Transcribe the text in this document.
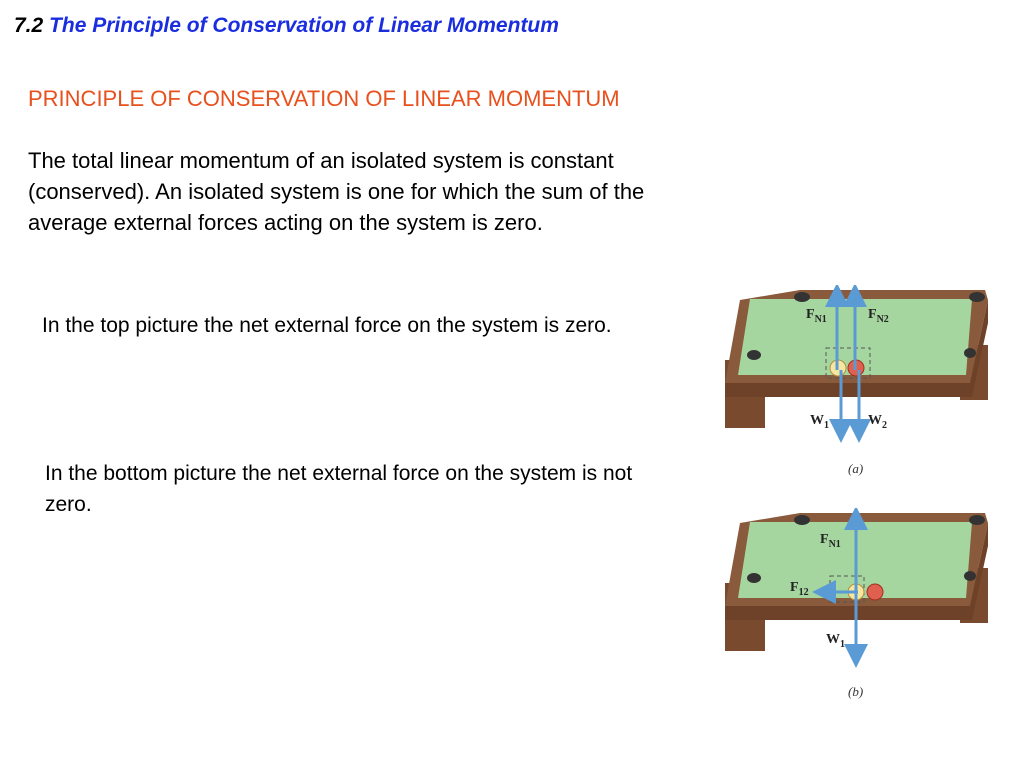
7.2 The Principle of Conservation of Linear Momentum
PRINCIPLE OF CONSERVATION OF LINEAR MOMENTUM
The total linear momentum of an isolated system is constant (conserved). An isolated system is one for which the sum of the average external forces acting on the system is zero.
In the top picture the net external force on the system is zero.
In the bottom picture the net external force on the system is not zero.
$F_{N1}$	$F_{N2}$
$W_1$	$W_2$
(a)
$F_{N1}$
$F_{12}$
$W_1$
(b)
